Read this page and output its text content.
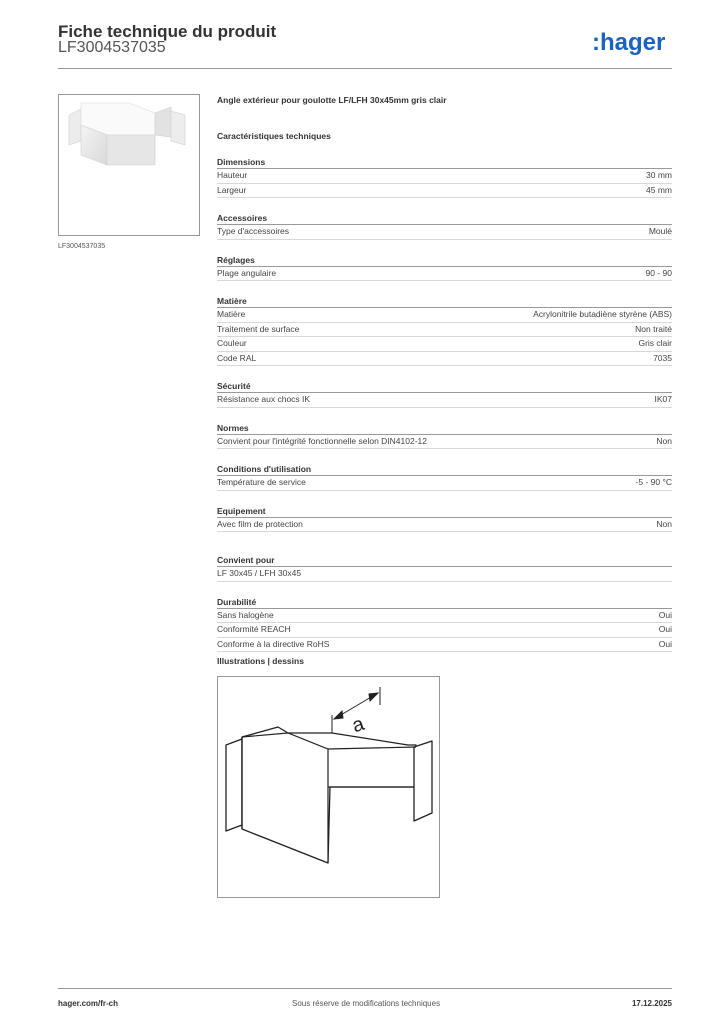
Fiche technique du produit
LF3004537035	:hager
LF3004537035
Angle extérieur pour goulotte LF/LFH 30x45mm gris clair
Caractéristiques techniques
Dimensions
Hauteur	30 mm
Largeur	45 mm
Accessoires
Type d'accessoires	Moulé
Réglages
Plage angulaire	90 - 90
Matière
Matière	Acrylonitrile butadiène styrène (ABS)
Traitement de surface	Non traité
Couleur	Gris clair
Code RAL	7035
Sécurité
Résistance aux chocs IK	IK07
Normes
Convient pour l'intégrité fonctionnelle selon DIN4102-12	Non
Conditions d'utilisation
Température de service	-5 - 90 °C
Equipement
Avec film de protection	Non
Convient pour
LF 30x45 / LFH 30x45
Durabilité
Sans halogène	Oui
Conformité REACH	Oui
Conforme à la directive RoHS	Oui
Illustrations | dessins
a
hager.com/fr-ch	Sous réserve de modifications techniques	17.12.2025
